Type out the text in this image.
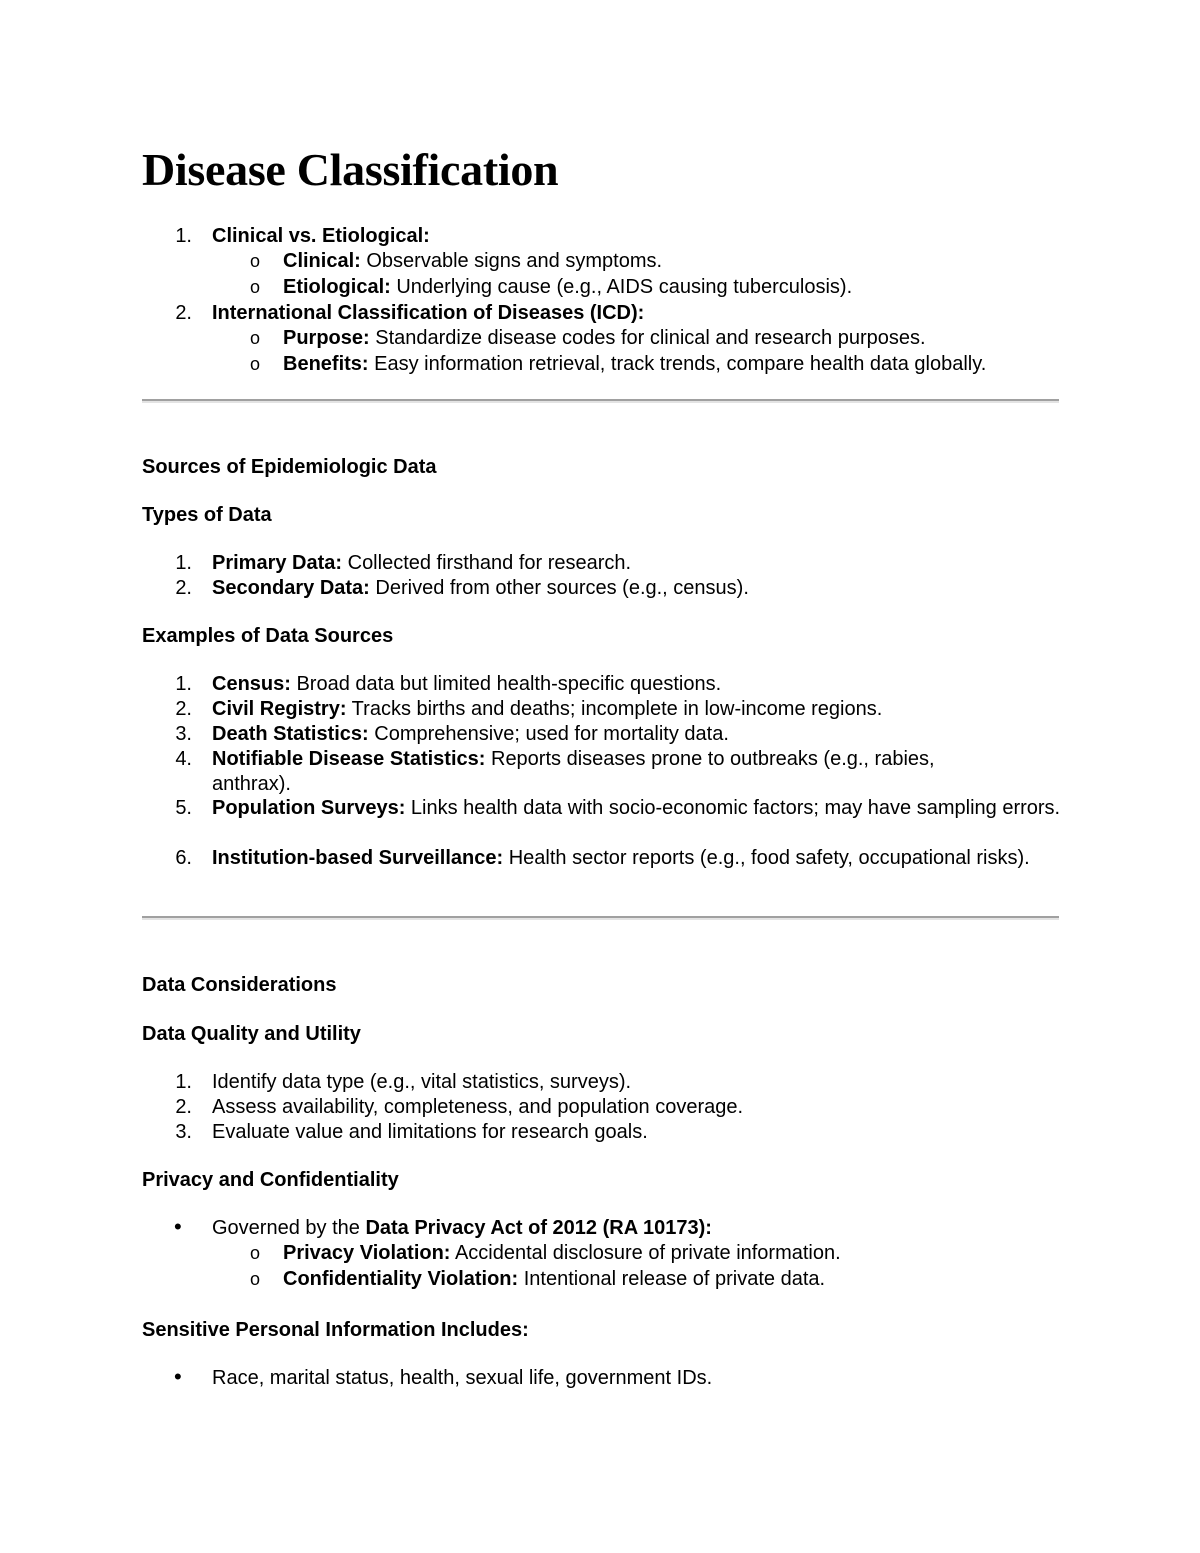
Disease Classification
1. Clinical vs. Etiological:
o Clinical: Observable signs and symptoms.
o Etiological: Underlying cause (e.g., AIDS causing tuberculosis).
2. International Classification of Diseases (ICD):
o Purpose: Standardize disease codes for clinical and research purposes.
o Benefits: Easy information retrieval, track trends, compare health data globally.
Sources of Epidemiologic Data
Types of Data
1. Primary Data: Collected firsthand for research.
2. Secondary Data: Derived from other sources (e.g., census).
Examples of Data Sources
1. Census: Broad data but limited health-specific questions.
2. Civil Registry: Tracks births and deaths; incomplete in low-income regions.
3. Death Statistics: Comprehensive; used for mortality data.
4. Notifiable Disease Statistics: Reports diseases prone to outbreaks (e.g., rabies, anthrax).
5. Population Surveys: Links health data with socio-economic factors; may have sampling errors.
6. Institution-based Surveillance: Health sector reports (e.g., food safety, occupational risks).
Data Considerations
Data Quality and Utility
1. Identify data type (e.g., vital statistics, surveys).
2. Assess availability, completeness, and population coverage.
3. Evaluate value and limitations for research goals.
Privacy and Confidentiality
• Governed by the Data Privacy Act of 2012 (RA 10173):
o Privacy Violation: Accidental disclosure of private information.
o Confidentiality Violation: Intentional release of private data.
Sensitive Personal Information Includes:
• Race, marital status, health, sexual life, government IDs.
